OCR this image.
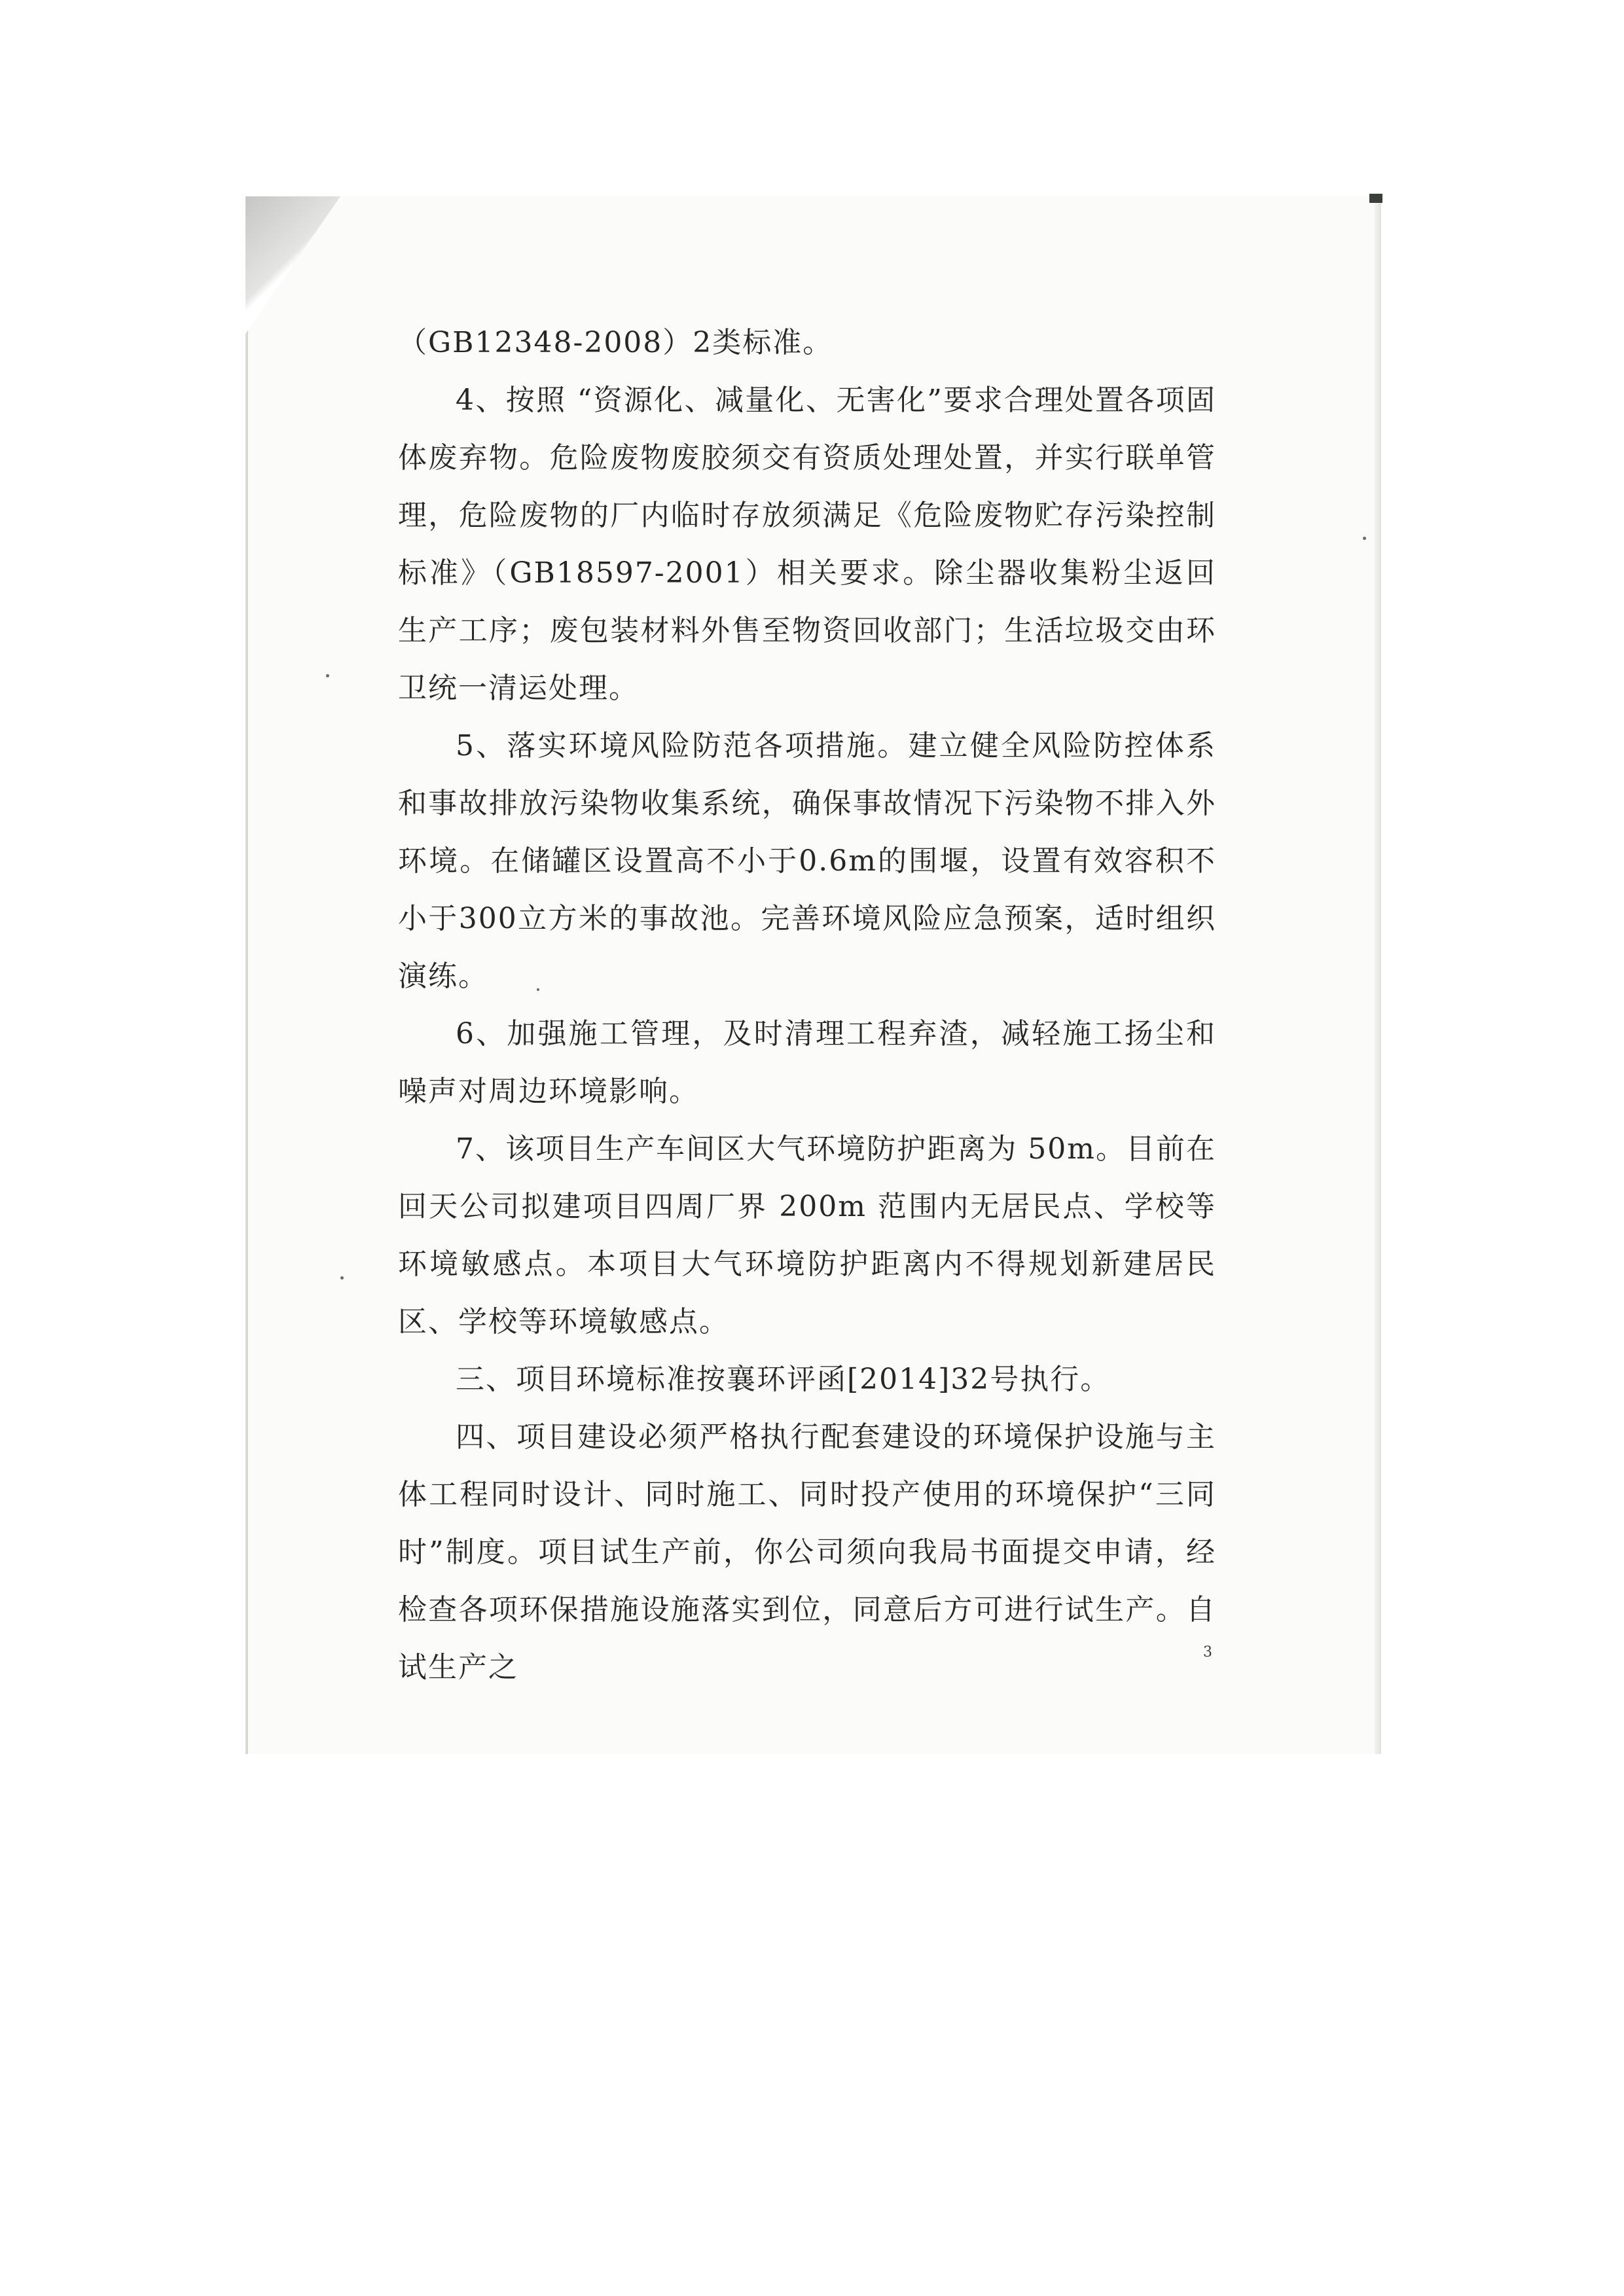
（GB12348-2008）2类标准。

4、按照 “资源化、减量化、无害化”要求合理处置各项固体废弃物。危险废物废胶须交有资质处理处置，并实行联单管理，危险废物的厂内临时存放须满足《危险废物贮存污染控制标准》（GB18597-2001）相关要求。除尘器收集粉尘返回生产工序；废包装材料外售至物资回收部门；生活垃圾交由环卫统一清运处理。

5、落实环境风险防范各项措施。建立健全风险防控体系和事故排放污染物收集系统，确保事故情况下污染物不排入外环境。在储罐区设置高不小于0.6m的围堰，设置有效容积不小于300立方米的事故池。完善环境风险应急预案，适时组织演练。

6、加强施工管理，及时清理工程弃渣，减轻施工扬尘和噪声对周边环境影响。

7、该项目生产车间区大气环境防护距离为 50m。目前在回天公司拟建项目四周厂界 200m 范围内无居民点、学校等环境敏感点。本项目大气环境防护距离内不得规划新建居民区、学校等环境敏感点。

三、项目环境标准按襄环评函[2014]32号执行。

四、项目建设必须严格执行配套建设的环境保护设施与主体工程同时设计、同时施工、同时投产使用的环境保护“三同时”制度。项目试生产前，你公司须向我局书面提交申请，经检查各项环保措施设施落实到位，同意后方可进行试生产。自试生产之	3
